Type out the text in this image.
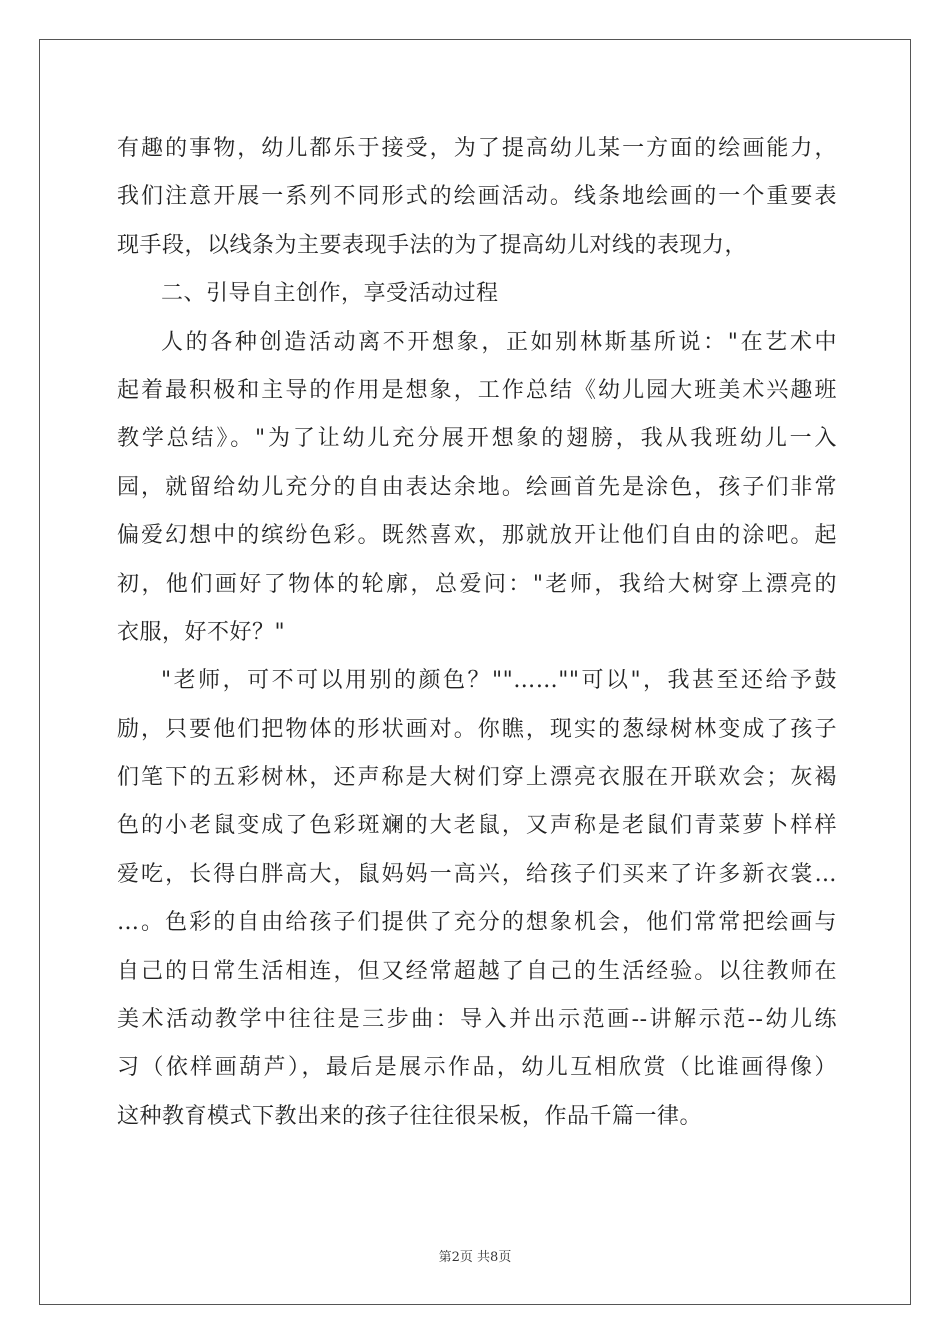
有趣的事物，幼儿都乐于接受，为了提高幼儿某一方面的绘画能力，
我们注意开展一系列不同形式的绘画活动。线条地绘画的一个重要表
现手段，以线条为主要表现手法的为了提高幼儿对线的表现力，
二、引导自主创作，享受活动过程
人的各种创造活动离不开想象，正如别林斯基所说："在艺术中
起着最积极和主导的作用是想象，工作总结《幼儿园大班美术兴趣班
教学总结》。"为了让幼儿充分展开想象的翅膀，我从我班幼儿一入
园，就留给幼儿充分的自由表达余地。绘画首先是涂色，孩子们非常
偏爱幻想中的缤纷色彩。既然喜欢，那就放开让他们自由的涂吧。起
初，他们画好了物体的轮廓，总爱问："老师，我给大树穿上漂亮的
衣服，好不好？"
"老师，可不可以用别的颜色？""……""可以"，我甚至还给予鼓
励，只要他们把物体的形状画对。你瞧，现实的葱绿树林变成了孩子
们笔下的五彩树林，还声称是大树们穿上漂亮衣服在开联欢会；灰褐
色的小老鼠变成了色彩斑斓的大老鼠，又声称是老鼠们青菜萝卜样样
爱吃，长得白胖高大，鼠妈妈一高兴，给孩子们买来了许多新衣裳…
…。色彩的自由给孩子们提供了充分的想象机会，他们常常把绘画与
自己的日常生活相连，但又经常超越了自己的生活经验。以往教师在
美术活动教学中往往是三步曲：导入并出示范画--讲解示范--幼儿练
习（依样画葫芦），最后是展示作品，幼儿互相欣赏（比谁画得像）
这种教育模式下教出来的孩子往往很呆板，作品千篇一律。
第2页 共8页
